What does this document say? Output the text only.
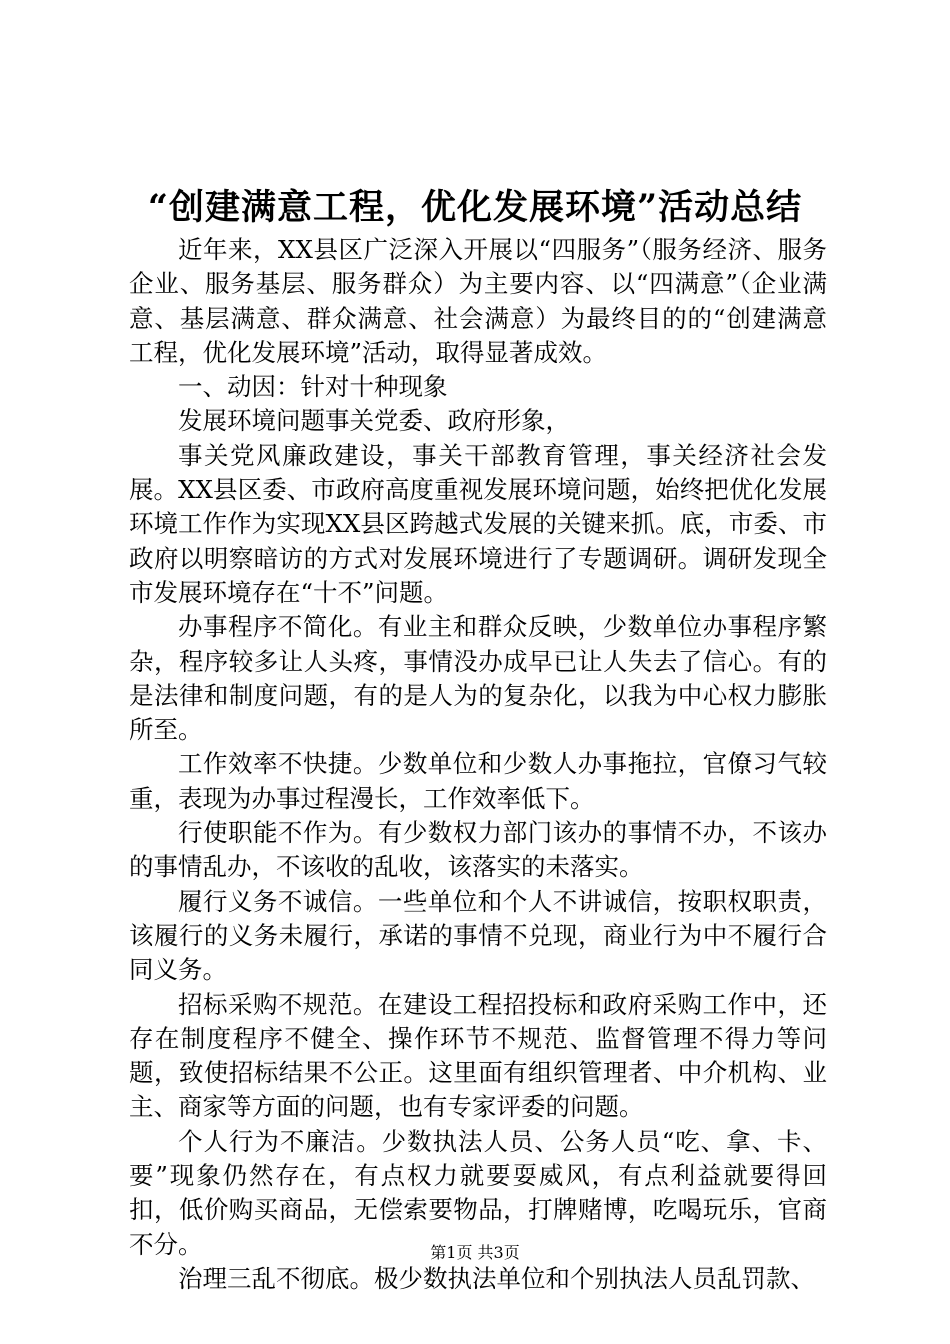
“创建满意工程，优化发展环境”活动总结

近年来，XX县区广泛深入开展以“四服务”（服务经济、服务企业、服务基层、服务群众）为主要内容、以“四满意”（企业满意、基层满意、群众满意、社会满意）为最终目的的“创建满意工程，优化发展环境”活动，取得显著成效。

一、动因：针对十种现象

发展环境问题事关党委、政府形象，

事关党风廉政建设，事关干部教育管理，事关经济社会发展。XX县区委、市政府高度重视发展环境问题，始终把优化发展环境工作作为实现XX县区跨越式发展的关键来抓。底，市委、市政府以明察暗访的方式对发展环境进行了专题调研。调研发现全市发展环境存在“十不”问题。

办事程序不简化。有业主和群众反映，少数单位办事程序繁杂，程序较多让人头疼，事情没办成早已让人失去了信心。有的是法律和制度问题，有的是人为的复杂化，以我为中心权力膨胀所至。

工作效率不快捷。少数单位和少数人办事拖拉，官僚习气较重，表现为办事过程漫长，工作效率低下。

行使职能不作为。有少数权力部门该办的事情不办，不该办的事情乱办，不该收的乱收，该落实的未落实。

履行义务不诚信。一些单位和个人不讲诚信，按职权职责，该履行的义务未履行，承诺的事情不兑现，商业行为中不履行合同义务。

招标采购不规范。在建设工程招投标和政府采购工作中，还存在制度程序不健全、操作环节不规范、监督管理不得力等问题，致使招标结果不公正。这里面有组织管理者、中介机构、业主、商家等方面的问题，也有专家评委的问题。

个人行为不廉洁。少数执法人员、公务人员“吃、拿、卡、要”现象仍然存在，有点权力就要耍威风，有点利益就要得回扣，低价购买商品，无偿索要物品，打牌赌博，吃喝玩乐，官商不分。

治理三乱不彻底。极少数执法单位和个别执法人员乱罚款、

第1页 共3页
